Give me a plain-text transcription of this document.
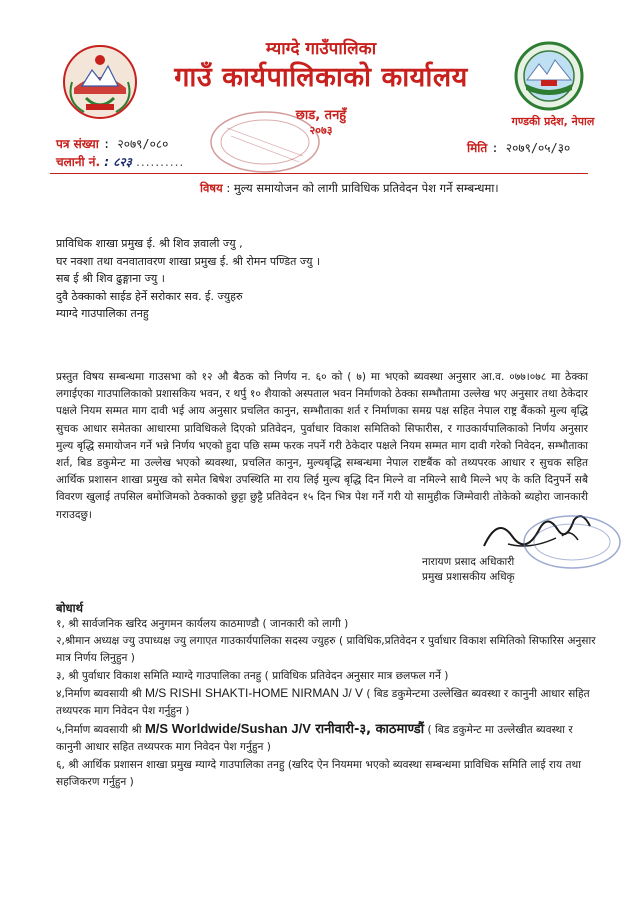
म्याग्दे गाउँपालिका
गाउँ कार्यपालिकाको कार्यालय
छाड, तनहुँ
२०७३
गण्डकी प्रदेश, नेपाल
पत्र संख्या : २०७९/०८०
चलानी नं. : ८२३ ..........
मिति : २०७९/०५/३०
विषय : मुल्य समायोजन को लागी प्राविधिक प्रतिवेदन पेश गर्ने सम्बन्धमा।
प्राविधिक शाखा प्रमुख ई. श्री शिव ज्ञवाली ज्यु ,
घर नक्शा तथा वनवातावरण शाखा प्रमुख ई. श्री रोमन पण्डित ज्यु ।
सब ई श्री शिव ढुङ्गाना ज्यु ।
दुवै ठेक्काको साईड हेर्ने सरोकार सव. ई. ज्युहरु
म्याग्दे गाउपालिका तनहु
प्रस्तुत विषय सम्बन्धमा गाउसभा को १२ औ बैठक को निर्णय न. ६० को ( ७) मा भएको ब्यवस्था अनुसार आ.व. ०७७।०७८ मा ठेक्का लगाईएका गाउपालिकाको प्रशासकिय भवन, र थर्पु १० शैयाको अस्पताल भवन निर्माणको ठेक्का सम्भौतामा उल्लेख भए अनुसार तथा ठेकेदार पक्षले नियम सम्मत माग दावी भई आय अनुसार प्रचलित कानुन, सम्भौताका शर्त र निर्माणका समग्र पक्ष सहित नेपाल राष्ट्र बैंकको मुल्य बृद्धि सुचक आधार समेतका आधारमा प्राविधिकले दिएको प्रतिवेदन, पुर्वाधार विकाश समितिको सिफारीस, र गाउकार्यपालिकाको निर्णय अनुसार मुल्य बृद्धि समायोजन गर्ने भन्ने निर्णय भएको हुदा पछि सम्म फरक नपर्ने गरी ठेकेदार पक्षले नियम सम्मत माग दावी गरेको निवेदन, सम्भौताका शर्त, बिड डकुमेन्ट मा उल्लेख भएको ब्यवस्था, प्रचलित कानुन, मुल्यबृद्धि सम्बन्धमा नेपाल राष्टबैंक को तथ्यपरक आधार र सुचक सहित आर्थिक प्रशासन शाखा प्रमुख को समेत बिषेश उपस्थिति मा राय लिई मुल्य बृद्धि दिन मिल्ने वा नमिल्ने साथै मिल्ने भए के कति दिनुपर्ने सबै विवरण खुलाई तपसिल बमोजिमको ठेक्काको छुट्टा छुट्टै प्रतिवेदन १५ दिन भित्र पेश गर्ने गरी यो सामुहीक जिम्मेवारी तोकेको ब्यहोरा जानकारी गराउदछु।
नारायण प्रसाद अधिकारी
प्रमुख प्रशासकीय अधिकृ
बोधार्थ
१, श्री सार्वजनिक खरिद अनुगमन कार्यलय काठमाण्डौ ( जानकारी को लागी )
२,श्रीमान अध्यक्ष ज्यु उपाध्यक्ष ज्यु लगाएत गाउकार्यपालिका सदस्य ज्युहरु ( प्राविधिक,प्रतिवेदन र पुर्वाधार विकाश समितिको सिफारिस अनुसार मात्र निर्णय लिनुहुन )
३, श्री पुर्वाधार विकाश समिति म्याग्दे गाउपालिका तनहु ( प्राविधिक प्रतिवेदन अनुसार मात्र छलफल गर्ने )
४,निर्माण ब्यवसायी श्री M/S RISHI SHAKTI-HOME NIRMAN J/ V ( बिड डकुमेन्टमा उल्लेखित ब्यवस्था र कानुनी आधार सहित तथ्यपरक माग निवेदन पेश गर्नुहुन )
५,निर्माण ब्यवसायी श्री M/S Worldwide/Sushan J/V रानीवारी-३, काठमाण्डौं ( बिड डकुमेन्ट मा उल्लेखीत ब्यवस्था र कानुनी आधार सहित तथ्यपरक माग निवेदन पेश गर्नुहुन )
६, श्री आर्थिक प्रशासन शाखा प्रमुख म्याग्दे गाउपालिका तनहु (खरिद ऐन नियममा भएको ब्यवस्था सम्बन्धमा प्राविधिक समिति लाई राय तथा सहजिकरण गर्नुहुन )
